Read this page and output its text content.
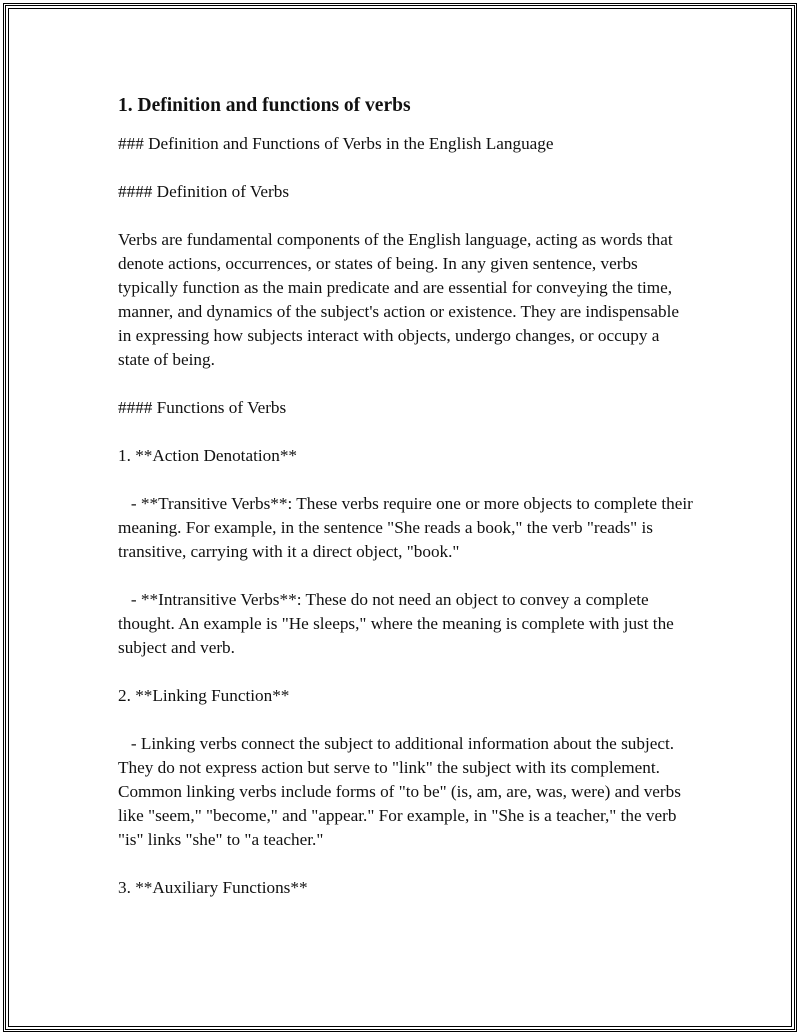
1. Definition and functions of verbs

### Definition and Functions of Verbs in the English Language

#### Definition of Verbs

Verbs are fundamental components of the English language, acting as words that denote actions, occurrences, or states of being. In any given sentence, verbs typically function as the main predicate and are essential for conveying the time, manner, and dynamics of the subject's action or existence. They are indispensable in expressing how subjects interact with objects, undergo changes, or occupy a state of being.

#### Functions of Verbs

1. **Action Denotation**

- **Transitive Verbs**: These verbs require one or more objects to complete their meaning. For example, in the sentence "She reads a book," the verb "reads" is transitive, carrying with it a direct object, "book."

- **Intransitive Verbs**: These do not need an object to convey a complete thought. An example is "He sleeps," where the meaning is complete with just the subject and verb.

2. **Linking Function**

- Linking verbs connect the subject to additional information about the subject. They do not express action but serve to "link" the subject with its complement. Common linking verbs include forms of "to be" (is, am, are, was, were) and verbs like "seem," "become," and "appear." For example, in "She is a teacher," the verb "is" links "she" to "a teacher."

3. **Auxiliary Functions**
